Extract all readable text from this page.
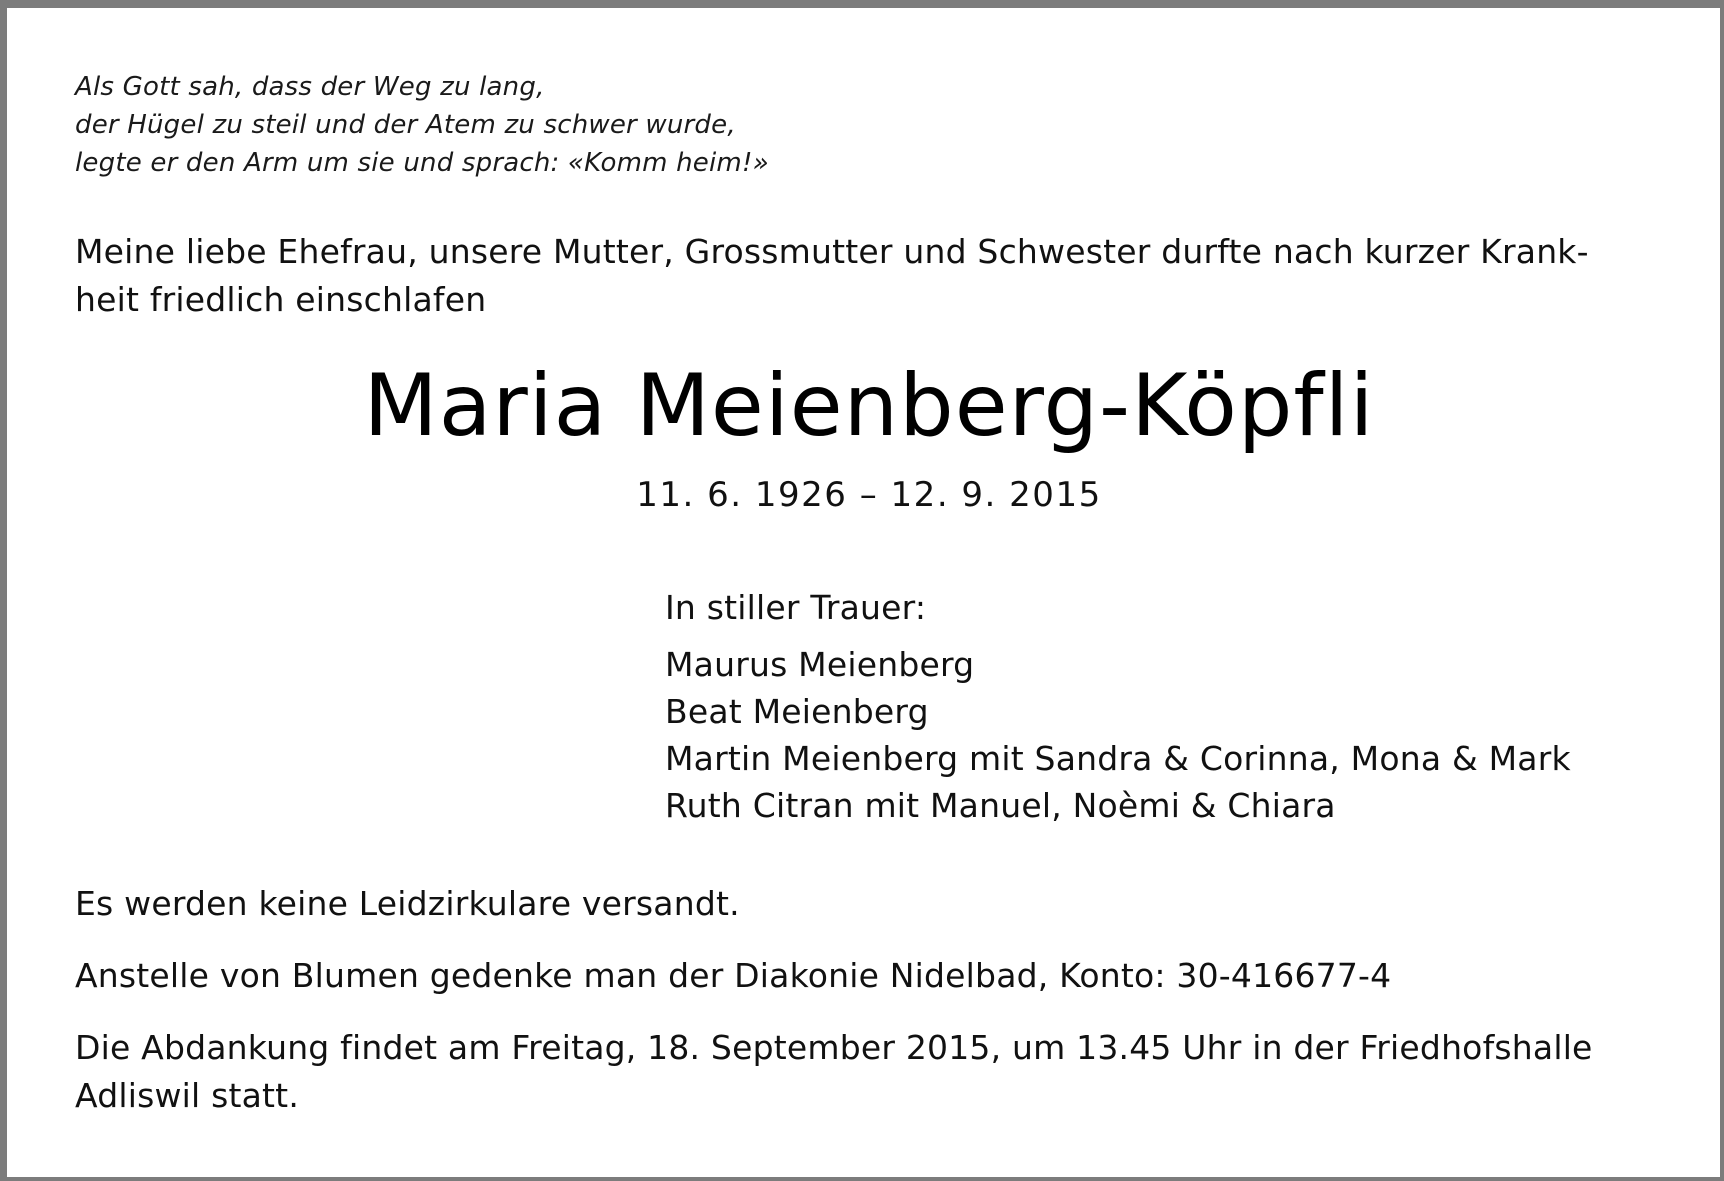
Als Gott sah, dass der Weg zu lang,
der Hügel zu steil und der Atem zu schwer wurde,
legte er den Arm um sie und sprach: «Komm heim!»
Meine liebe Ehefrau, unsere Mutter, Grossmutter und Schwester durfte nach kurzer Krank-
heit friedlich einschlafen
Maria Meienberg-Köpfli
11. 6. 1926 – 12. 9. 2015
In stiller Trauer:
Maurus Meienberg
Beat Meienberg
Martin Meienberg mit Sandra & Corinna, Mona & Mark
Ruth Citran mit Manuel, Noèmi & Chiara
Es werden keine Leidzirkulare versandt.
Anstelle von Blumen gedenke man der Diakonie Nidelbad, Konto: 30-416677-4
Die Abdankung findet am Freitag, 18. September 2015, um 13.45 Uhr in der Friedhofshalle
Adliswil statt.
